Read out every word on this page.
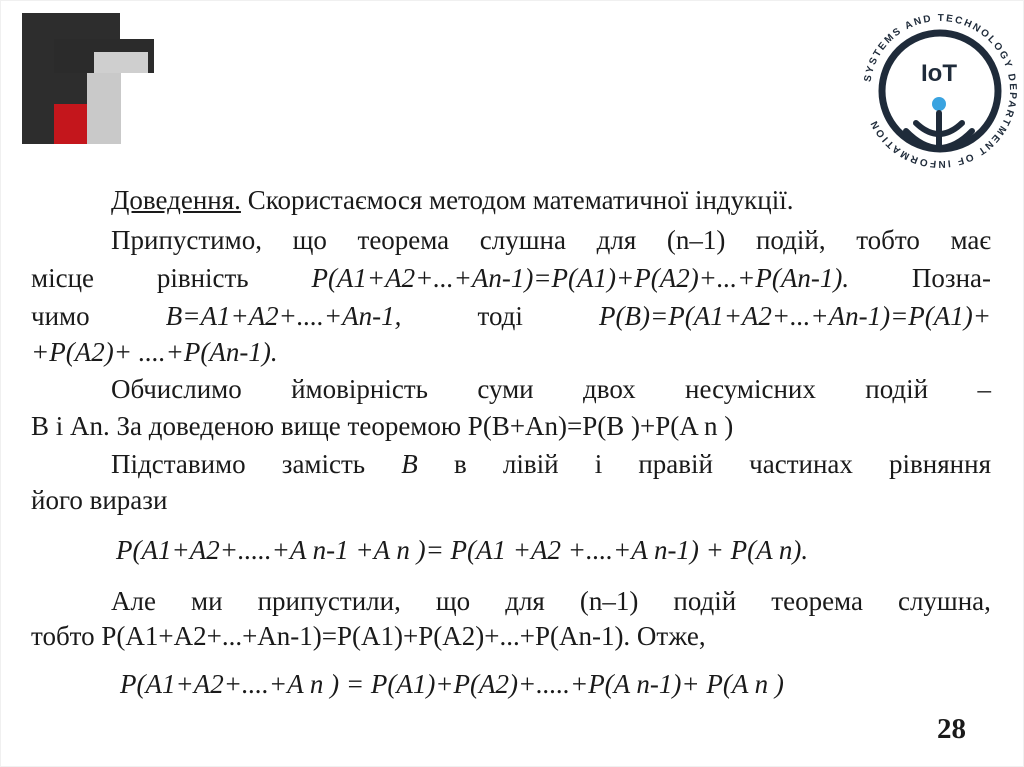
SYSTEMS AND TECHNOLOGY DEPARTMENT OF INFORMATION
IoT
Доведення. Скористаємося методом математичної індукції.
Припустимо, що теорема слушна для (n–1) подій, тобто має
місце рівність P(A1+A2+...+An-1)=P(A1)+P(A2)+...+P(An-1). Позна-
чимо	B=A1+A2+....+An-1,	тоді	P(B)=P(A1+A2+...+An-1)=P(A1)+
+P(A2)+ ....+P(An-1).
Обчислимо ймовірність суми двох несумісних подій –
B і An. За доведеною вище теоремою P(B+An)=P(B )+P(A n )
Підставимо замість B в лівій і правій частинах рівняння
його вирази
P(A1+A2+.....+A n-1 +A n )= P(A1 +A2 +....+A n-1) + P(A n).
Але ми припустили, що для (n–1) подій теорема слушна,
тобто P(A1+A2+...+An-1)=P(A1)+P(A2)+...+P(An-1). Отже,
P(A1+A2+....+A n ) = P(A1)+P(A2)+.....+P(A n-1)+ P(A n )
28
